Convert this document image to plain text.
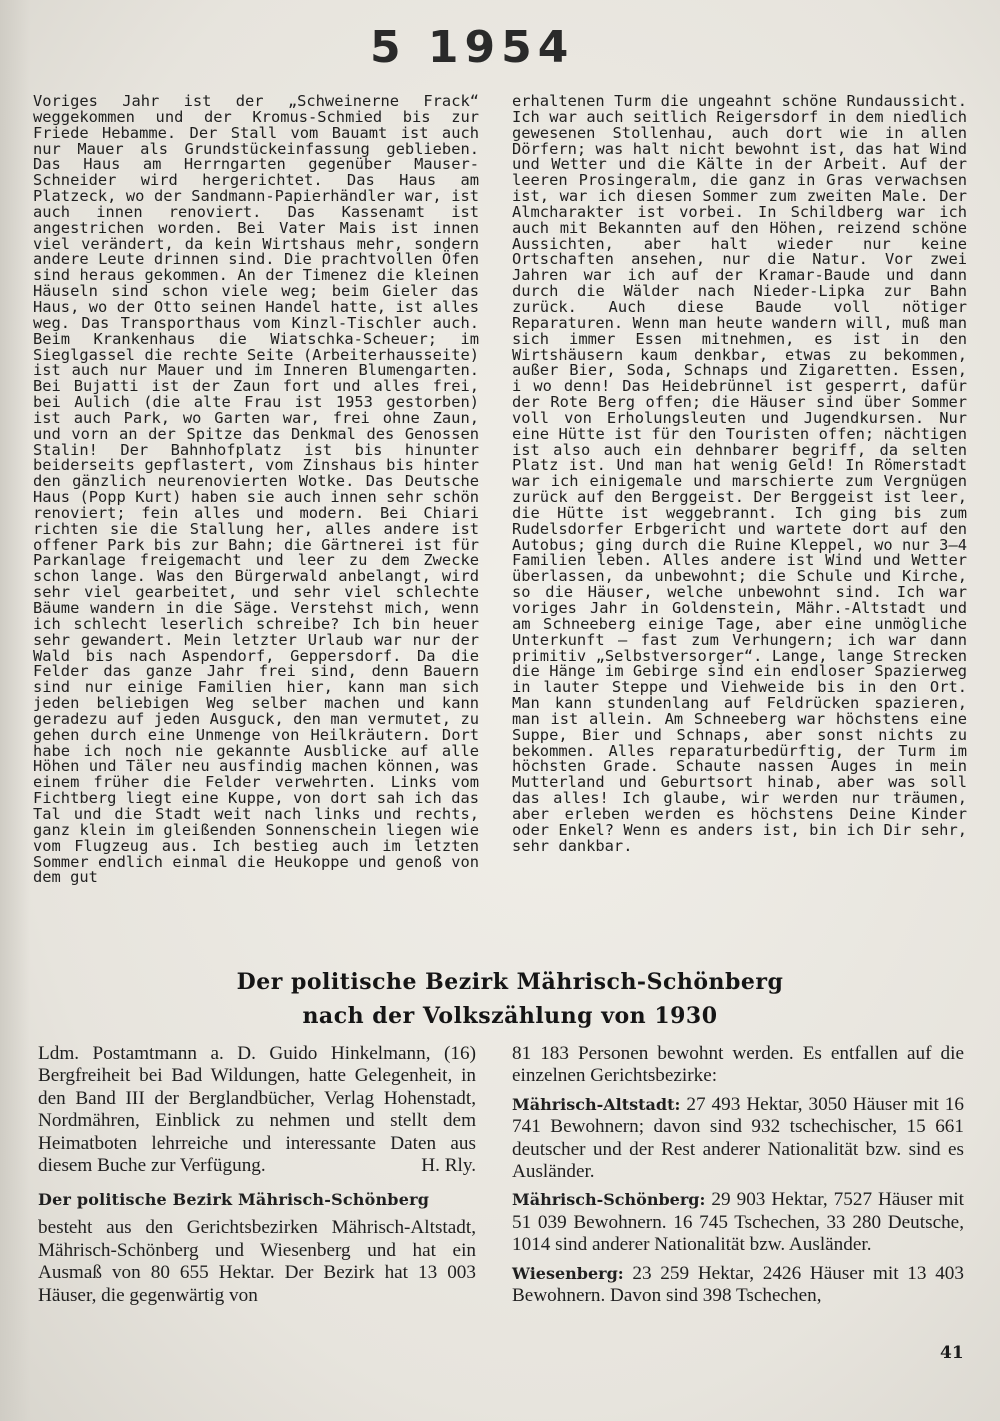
5 1954

Voriges Jahr ist der „Schweinerne Frack“ weggekommen und der Kromus-Schmied bis zur Friede Hebamme. Der Stall vom Bauamt ist auch nur Mauer als Grundstückeinfassung geblieben. Das Haus am Herrngarten gegenüber Mauser-Schneider wird hergerichtet. Das Haus am Platzeck, wo der Sandmann-Papierhändler war, ist auch innen renoviert. Das Kassenamt ist angestrichen worden. Bei Vater Mais ist innen viel verändert, da kein Wirtshaus mehr, sondern andere Leute drinnen sind. Die prachtvollen Öfen sind heraus gekommen. An der Timenez die kleinen Häuseln sind schon viele weg; beim Gieler das Haus, wo der Otto seinen Handel hatte, ist alles weg. Das Transporthaus vom Kinzl-Tischler auch. Beim Krankenhaus die Wiatschka-Scheuer; im Sieglgassel die rechte Seite (Arbeiterhausseite) ist auch nur Mauer und im Inneren Blumengarten. Bei Bujatti ist der Zaun fort und alles frei, bei Aulich (die alte Frau ist 1953 gestorben) ist auch Park, wo Garten war, frei ohne Zaun, und vorn an der Spitze das Denkmal des Genossen Stalin! Der Bahnhofplatz ist bis hinunter beiderseits gepflastert, vom Zinshaus bis hinter den gänzlich neurenovierten Wotke. Das Deutsche Haus (Popp Kurt) haben sie auch innen sehr schön renoviert; fein alles und modern. Bei Chiari richten sie die Stallung her, alles andere ist offener Park bis zur Bahn; die Gärtnerei ist für Parkanlage freigemacht und leer zu dem Zwecke schon lange. Was den Bürgerwald anbelangt, wird sehr viel gearbeitet, und sehr viel schlechte Bäume wandern in die Säge. Verstehst mich, wenn ich schlecht leserlich schreibe? Ich bin heuer sehr gewandert. Mein letzter Urlaub war nur der Wald bis nach Aspendorf, Geppersdorf. Da die Felder das ganze Jahr frei sind, denn Bauern sind nur einige Familien hier, kann man sich jeden beliebigen Weg selber machen und kann geradezu auf jeden Ausguck, den man vermutet, zu gehen durch eine Unmenge von Heilkräutern. Dort habe ich noch nie gekannte Ausblicke auf alle Höhen und Täler neu ausfindig machen können, was einem früher die Felder verwehrten. Links vom Fichtberg liegt eine Kuppe, von dort sah ich das Tal und die Stadt weit nach links und rechts, ganz klein im gleißenden Sonnenschein liegen wie vom Flugzeug aus. Ich bestieg auch im letzten Sommer endlich einmal die Heukoppe und genoß von dem gut

erhaltenen Turm die ungeahnt schöne Rundaussicht. Ich war auch seitlich Reigersdorf in dem niedlich gewesenen Stollenhau, auch dort wie in allen Dörfern; was halt nicht bewohnt ist, das hat Wind und Wetter und die Kälte in der Arbeit. Auf der leeren Prosingeralm, die ganz in Gras verwachsen ist, war ich diesen Sommer zum zweiten Male. Der Almcharakter ist vorbei. In Schildberg war ich auch mit Bekannten auf den Höhen, reizend schöne Aussichten, aber halt wieder nur keine Ortschaften ansehen, nur die Natur. Vor zwei Jahren war ich auf der Kramar-Baude und dann durch die Wälder nach Nieder-Lipka zur Bahn zurück. Auch diese Baude voll nötiger Reparaturen. Wenn man heute wandern will, muß man sich immer Essen mitnehmen, es ist in den Wirtshäusern kaum denkbar, etwas zu bekommen, außer Bier, Soda, Schnaps und Zigaretten. Essen, i wo denn! Das Heidebrünnel ist gesperrt, dafür der Rote Berg offen; die Häuser sind über Sommer voll von Erholungsleuten und Jugendkursen. Nur eine Hütte ist für den Touristen offen; nächtigen ist also auch ein dehnbarer begriff, da selten Platz ist. Und man hat wenig Geld! In Römerstadt war ich einigemale und marschierte zum Vergnügen zurück auf den Berggeist. Der Berggeist ist leer, die Hütte ist weggebrannt. Ich ging bis zum Rudelsdorfer Erbgericht und wartete dort auf den Autobus; ging durch die Ruine Kleppel, wo nur 3—4 Familien leben. Alles andere ist Wind und Wetter überlassen, da unbewohnt; die Schule und Kirche, so die Häuser, welche unbewohnt sind. Ich war voriges Jahr in Goldenstein, Mähr.-Altstadt und am Schneeberg einige Tage, aber eine unmögliche Unterkunft — fast zum Verhungern; ich war dann primitiv „Selbstversorger“. Lange, lange Strecken die Hänge im Gebirge sind ein endloser Spazierweg in lauter Steppe und Viehweide bis in den Ort. Man kann stundenlang auf Feldrücken spazieren, man ist allein. Am Schneeberg war höchstens eine Suppe, Bier und Schnaps, aber sonst nichts zu bekommen. Alles reparaturbedürftig, der Turm im höchsten Grade. Schaute nassen Auges in mein Mutterland und Geburtsort hinab, aber was soll das alles! Ich glaube, wir werden nur träumen, aber erleben werden es höchstens Deine Kinder oder Enkel? Wenn es anders ist, bin ich Dir sehr, sehr dankbar.

Der politische Bezirk Mährisch-Schönberg
nach der Volkszählung von 1930

Ldm. Postamtmann a. D. Guido Hinkelmann, (16) Bergfreiheit bei Bad Wildungen, hatte Gelegenheit, in den Band III der Berglandbücher, Verlag Hohenstadt, Nordmähren, Einblick zu nehmen und stellt dem Heimatboten lehrreiche und interessante Daten aus diesem Buche zur Verfügung.	H. Rly.

Der politische Bezirk Mährisch-Schönberg

besteht aus den Gerichtsbezirken Mährisch-Altstadt, Mährisch-Schönberg und Wiesenberg und hat ein Ausmaß von 80 655 Hektar. Der Bezirk hat 13 003 Häuser, die gegenwärtig von

81 183 Personen bewohnt werden. Es entfallen auf die einzelnen Gerichtsbezirke:

Mährisch-Altstadt: 27 493 Hektar, 3050 Häuser mit 16 741 Bewohnern; davon sind 932 tschechischer, 15 661 deutscher und der Rest anderer Nationalität bzw. sind es Ausländer.

Mährisch-Schönberg: 29 903 Hektar, 7527 Häuser mit 51 039 Bewohnern. 16 745 Tschechen, 33 280 Deutsche, 1014 sind anderer Nationalität bzw. Ausländer.

Wiesenberg: 23 259 Hektar, 2426 Häuser mit 13 403 Bewohnern. Davon sind 398 Tschechen,

41
